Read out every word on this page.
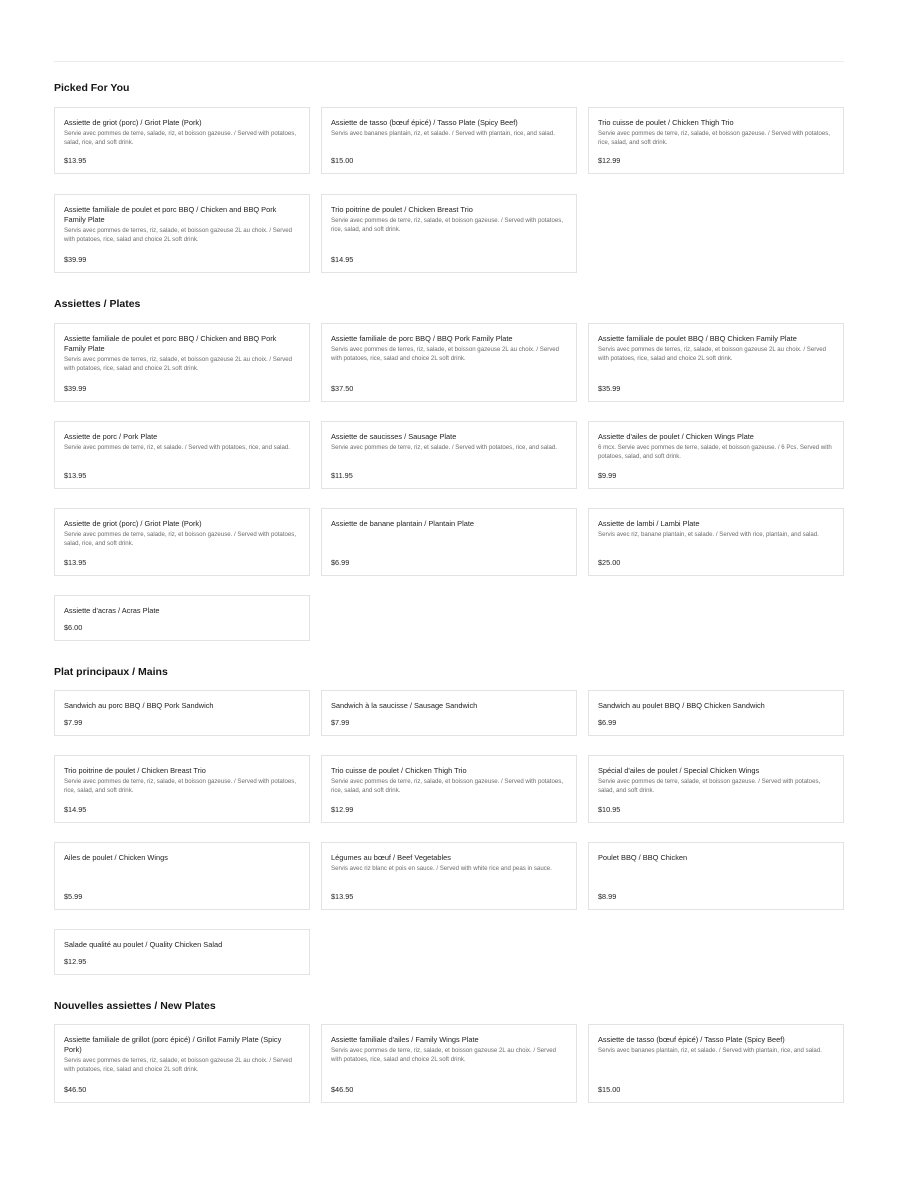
Picked For You
Assiette de griot (porc) / Griot Plate (Pork)
Servie avec pommes de terre, salade, riz, et boisson gazeuse. / Served with potatoes, salad, rice, and soft drink.
$13.95
Assiette de tasso (bœuf épicé) / Tasso Plate (Spicy Beef)
Servis avec bananes plantain, riz, et salade. / Served with plantain, rice, and salad.
$15.00
Trio cuisse de poulet / Chicken Thigh Trio
Servie avec pommes de terre, riz, salade, et boisson gazeuse. / Served with potatoes, rice, salad, and soft drink.
$12.99
Assiette familiale de poulet et porc BBQ / Chicken and BBQ Pork Family Plate
Servis avec pommes de terres, riz, salade, et boisson gazeuse 2L au choix. / Served with potatoes, rice, salad and choice 2L soft drink.
$39.99
Trio poitrine de poulet / Chicken Breast Trio
Servie avec pommes de terre, riz, salade, et boisson gazeuse. / Served with potatoes, rice, salad, and soft drink.
$14.95
Assiettes / Plates
Assiette familiale de poulet et porc BBQ / Chicken and BBQ Pork Family Plate
Servis avec pommes de terres, riz, salade, et boisson gazeuse 2L au choix. / Served with potatoes, rice, salad and choice 2L soft drink.
$39.99
Assiette familiale de porc BBQ / BBQ Pork Family Plate
Servis avec pommes de terres, riz, salade, et boisson gazeuse 2L au choix. / Served with potatoes, rice, salad and choice 2L soft drink.
$37.50
Assiette familiale de poulet BBQ / BBQ Chicken Family Plate
Servis avec pommes de terres, riz, salade, et boisson gazeuse 2L au choix. / Served with potatoes, rice, salad and choice 2L soft drink.
$35.99
Assiette de porc / Pork Plate
Servie avec pommes de terre, riz, et salade. / Served with potatoes, rice, and salad.
$13.95
Assiette de saucisses / Sausage Plate
Servie avec pommes de terre, riz, et salade. / Served with potatoes, rice, and salad.
$11.95
Assiette d'ailes de poulet / Chicken Wings Plate
6 mcx. Servie avec pommes de terre, salade, et boisson gazeuse. / 6 Pcs. Served with potatoes, salad, and soft drink.
$9.99
Assiette de griot (porc) / Griot Plate (Pork)
Servie avec pommes de terre, salade, riz, et boisson gazeuse. / Served with potatoes, salad, rice, and soft drink.
$13.95
Assiette de banane plantain / Plantain Plate
$6.99
Assiette de lambi / Lambi Plate
Servis avec riz, banane plantain, et salade. / Served with rice, plantain, and salad.
$25.00
Assiette d'acras / Acras Plate
$6.00
Plat principaux / Mains
Sandwich au porc BBQ / BBQ Pork Sandwich
$7.99
Sandwich à la saucisse / Sausage Sandwich
$7.99
Sandwich au poulet BBQ / BBQ Chicken Sandwich
$6.99
Trio poitrine de poulet / Chicken Breast Trio
Servie avec pommes de terre, riz, salade, et boisson gazeuse. / Served with potatoes, rice, salad, and soft drink.
$14.95
Trio cuisse de poulet / Chicken Thigh Trio
Servie avec pommes de terre, riz, salade, et boisson gazeuse. / Served with potatoes, rice, salad, and soft drink.
$12.99
Spécial d'ailes de poulet / Special Chicken Wings
Servie avec pommes de terre, salade, et boisson gazeuse. / Served with potatoes, salad, and soft drink.
$10.95
Ailes de poulet / Chicken Wings
$5.99
Légumes au bœuf / Beef Vegetables
Servis avec riz blanc et pois en sauce. / Served with white rice and peas in sauce.
$13.95
Poulet BBQ / BBQ Chicken
$8.99
Salade qualité au poulet / Quality Chicken Salad
$12.95
Nouvelles assiettes / New Plates
Assiette familiale de grillot (porc épicé) / Grillot Family Plate (Spicy Pork)
Servis avec pommes de terres, riz, salade, et boisson gazeuse 2L au choix. / Served with potatoes, rice, salad and choice 2L soft drink.
$46.50
Assiette familiale d'ailes / Family Wings Plate
Servis avec pommes de terre, riz, salade, et boisson gazeuse 2L au choix. / Served with potatoes, rice, salad and choice 2L soft drink.
$46.50
Assiette de tasso (bœuf épicé) / Tasso Plate (Spicy Beef)
Servis avec bananes plantain, riz, et salade. / Served with plantain, rice, and salad.
$15.00
